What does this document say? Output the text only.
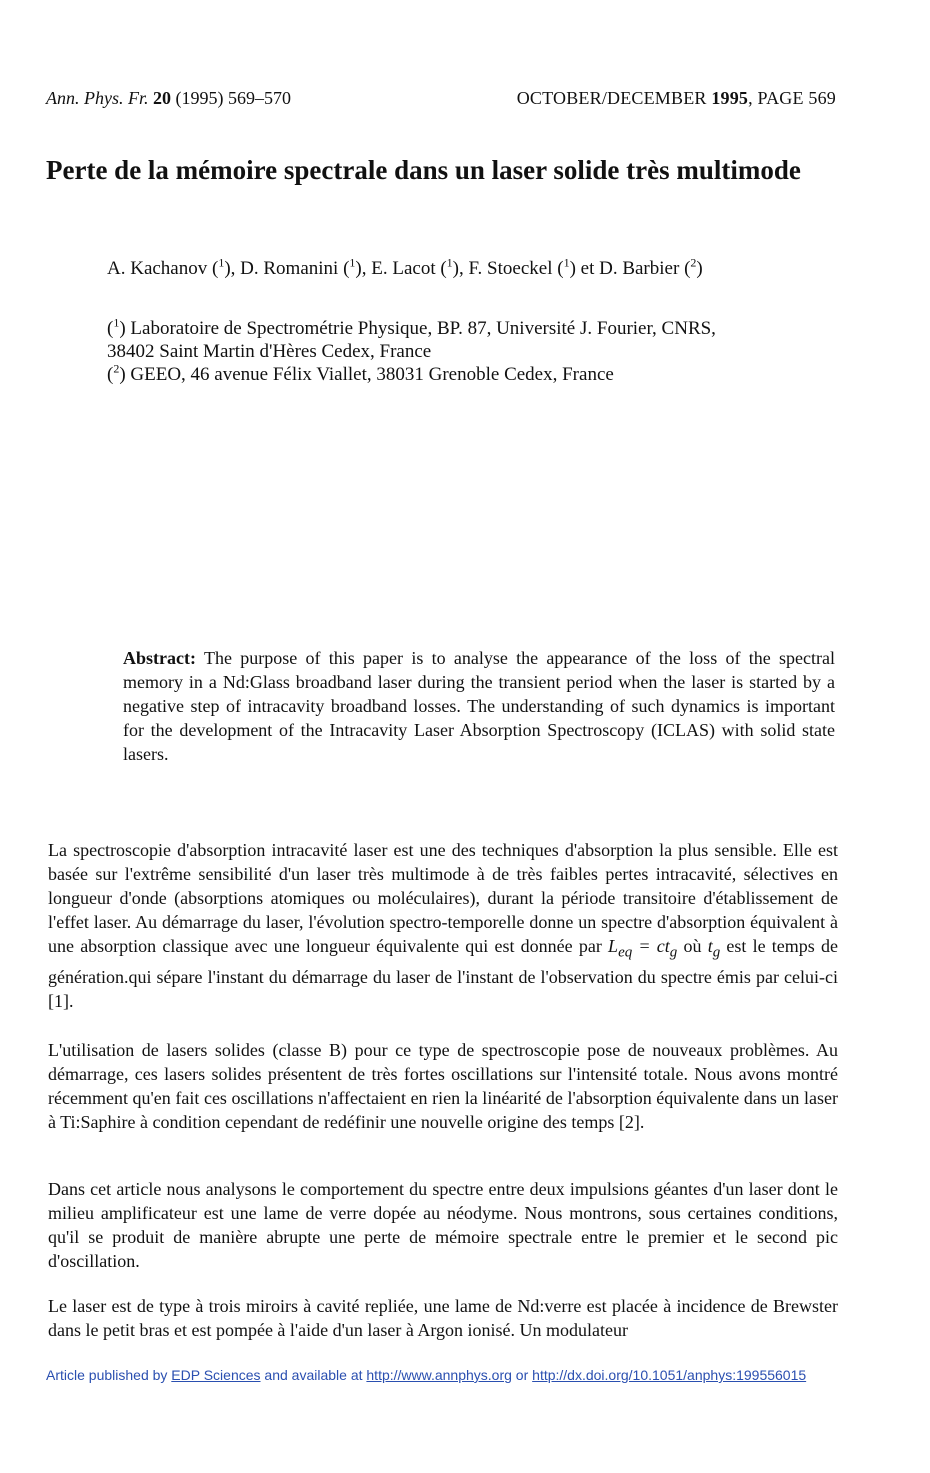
Ann. Phys. Fr. 20 (1995) 569–570	OCTOBER/DECEMBER 1995, PAGE 569
Perte de la mémoire spectrale dans un laser solide très multimode
A. Kachanov ($^1$), D. Romanini ($^1$), E. Lacot ($^1$), F. Stoeckel ($^1$) et D. Barbier ($^2$)
($^1$) Laboratoire de Spectrométrie Physique, BP. 87, Université J. Fourier, CNRS,
38402 Saint Martin d'Hères Cedex, France
($^2$) GEEO, 46 avenue Félix Viallet, 38031 Grenoble Cedex, France
Abstract: The purpose of this paper is to analyse the appearance of the loss of the spectral memory in a Nd:Glass broadband laser during the transient period when the laser is started by a negative step of intracavity broadband losses. The understanding of such dynamics is important for the development of the Intracavity Laser Absorption Spectroscopy (ICLAS) with solid state lasers.
La spectroscopie d'absorption intracavité laser est une des techniques d'absorption la plus sensible. Elle est basée sur l'extrême sensibilité d'un laser très multimode à de très faibles pertes intracavité, sélectives en longueur d'onde (absorptions atomiques ou moléculaires), durant la période transitoire d'établissement de l'effet laser. Au démarrage du laser, l'évolution spectro-temporelle donne un spectre d'absorption équivalent à une absorption classique avec une longueur équivalente qui est donnée par $L_{eq} = ct_g$ où $t_g$ est le temps de génération.qui sépare l'instant du démarrage du laser de l'instant de l'observation du spectre émis par celui-ci [1].
L'utilisation de lasers solides (classe B) pour ce type de spectroscopie pose de nouveaux problèmes. Au démarrage, ces lasers solides présentent de très fortes oscillations sur l'intensité totale. Nous avons montré récemment qu'en fait ces oscillations n'affectaient en rien la linéarité de l'absorption équivalente dans un laser à Ti:Saphire à condition cependant de redéfinir une nouvelle origine des temps [2].
Dans cet article nous analysons le comportement du spectre entre deux impulsions géantes d'un laser dont le milieu amplificateur est une lame de verre dopée au néodyme. Nous montrons, sous certaines conditions, qu'il se produit de manière abrupte une perte de mémoire spectrale entre le premier et le second pic d'oscillation.
Le laser est de type à trois miroirs à cavité repliée, une lame de Nd:verre est placée à incidence de Brewster dans le petit bras et est pompée à l'aide d'un laser à Argon ionisé. Un modulateur
Article published by EDP Sciences and available at http://www.annphys.org or http://dx.doi.org/10.1051/anphys:199556015
